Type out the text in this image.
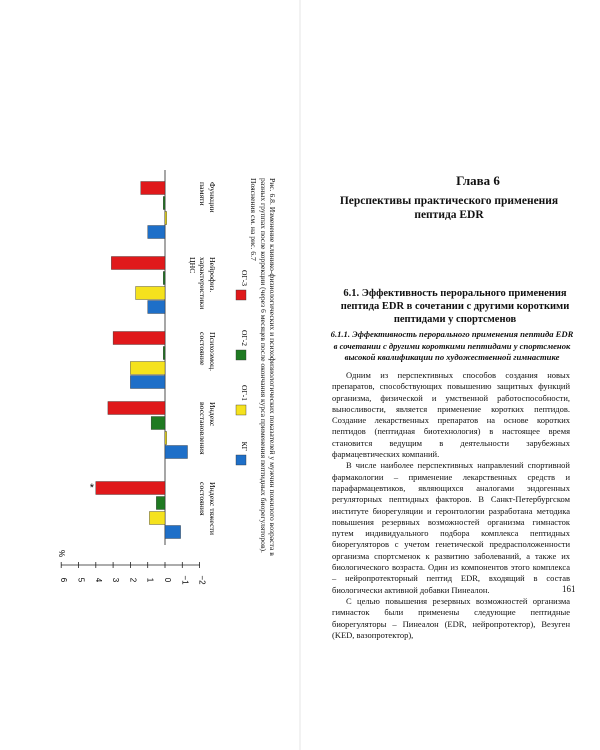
6 5 4 3 2 1 0 −1 −2
%
*	Индекс тяжести
состояния
Индекс
восстановления
Психоэмоц.
состояние
Нейрофиз.
характеристики
ЦНС
Функции
памяти
КГ
ОГ-1
ОГ-2
ОГ-3	Рис. 6.8. Изменение клинико-физиологических и психофизиологических показателей у мужчин пожилого возраста в разных группах после коррекции (через 6 месяцев после окончания курса применения пептидных биорегуляторов). Пояснения см. на рис. 6.7	Глава 6
Перспективы практического применения
пептида EDR
6.1. Эффективность перорального применения
пептида EDR в сочетании с другими короткими
пептидами у спортсменов
6.1.1. Эффективность перорального применения пептида EDR
в сочетании с другими короткими пептидами у спортсменок
высокой квалификации по художественной гимнастике

Одним из перспективных способов создания новых препаратов, способствующих повышению защитных функций организма, физической и умственной работоспособности, выносливости, является применение коротких пептидов. Создание лекарственных препаратов на основе коротких пептидов (пептидная биотехнология) в настоящее время становится ведущим в деятельности зарубежных фармацевтических компаний.

В числе наиболее перспективных направлений спортивной фармакологии – применение лекарственных средств и парафармацевтиков, являющихся аналогами эндогенных регуляторных пептидных факторов. В Санкт-Петербургском институте биорегуляции и геронтологии разработана методика повышения резервных возможностей организма гимнасток путем индивидуального подбора комплекса пептидных биорегуляторов с учетом генетической предрасположенности организма спортсменок к развитию заболеваний, а также их биологического возраста. Один из компонентов этого комплекса – нейропротекторный пептид EDR, входящий в состав биологически активной добавки Пинеалон.

С целью повышения резервных возможностей организма гимнасток были применены следующие пептидные биорегуляторы – Пинеалон (EDR, нейропротектор), Везуген (KED, вазопротектор),

161
